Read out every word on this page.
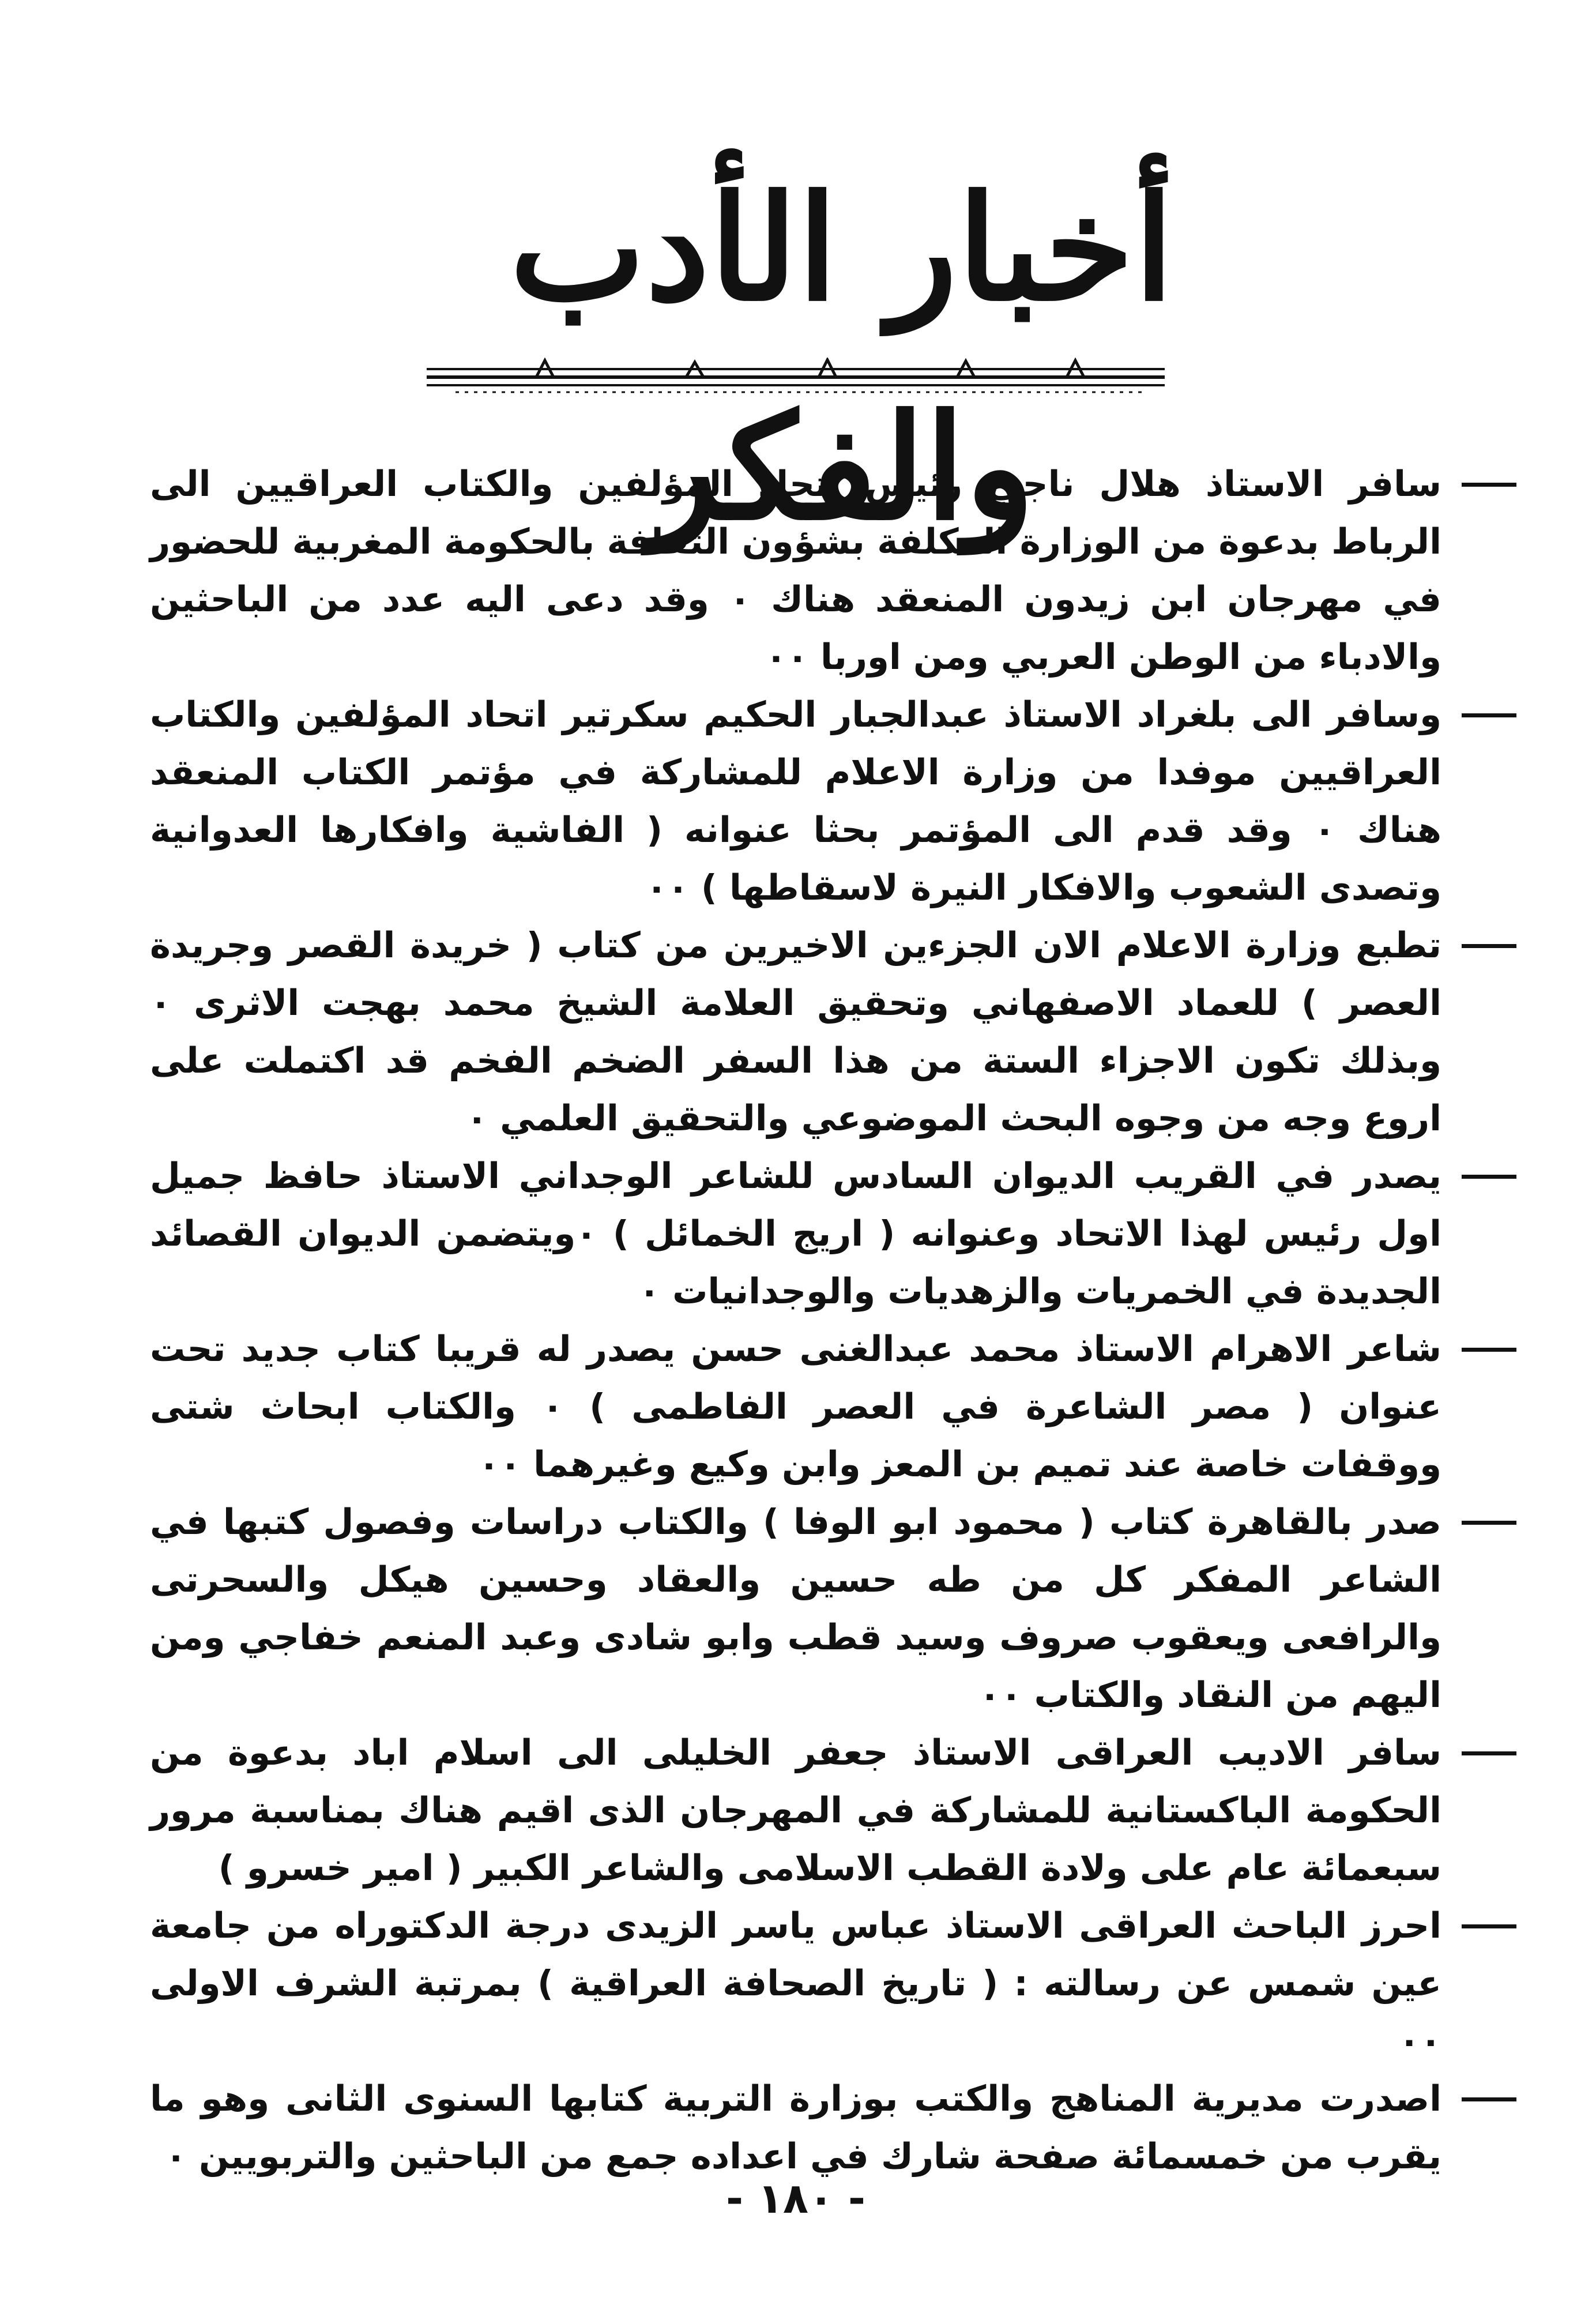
أخبار الأدب والفكر

سافر الاستاذ هلال ناجي رئيس اتحاد المؤلفين والكتاب العراقيين الى الرباط بدعوة من الوزارة المكلفة بشؤون الثقافة بالحكومة المغربية للحضور في مهرجان ابن زيدون المنعقد هناك ٠ وقد دعى اليه عدد من الباحثين والادباء من الوطن العربي ومن اوربا ٠٠

وسافر الى بلغراد الاستاذ عبدالجبار الحكيم سكرتير اتحاد المؤلفين والكتاب العراقيين موفدا من وزارة الاعلام للمشاركة في مؤتمر الكتاب المنعقد هناك ٠ وقد قدم الى المؤتمر بحثا عنوانه ( الفاشية وافكارها العدوانية وتصدى الشعوب والافكار النيرة لاسقاطها ) ٠٠

تطبع وزارة الاعلام الان الجزءين الاخيرين من كتاب ( خريدة القصر وجريدة العصر ) للعماد الاصفهاني وتحقيق العلامة الشيخ محمد بهجت الاثرى ٠ وبذلك تكون الاجزاء الستة من هذا السفر الضخم الفخم قد اكتملت على اروع وجه من وجوه البحث الموضوعي والتحقيق العلمي ٠

يصدر في القريب الديوان السادس للشاعر الوجداني الاستاذ حافظ جميل اول رئيس لهذا الاتحاد وعنوانه ( اريج الخمائل ) ٠ويتضمن الديوان القصائد الجديدة في الخمريات والزهديات والوجدانيات ٠

شاعر الاهرام الاستاذ محمد عبدالغنى حسن يصدر له قريبا كتاب جديد تحت عنوان ( مصر الشاعرة في العصر الفاطمى ) ٠ والكتاب ابحاث شتى ووقفات خاصة عند تميم بن المعز وابن وكيع وغيرهما ٠٠

صدر بالقاهرة كتاب ( محمود ابو الوفا ) والكتاب دراسات وفصول كتبها في الشاعر المفكر كل من طه حسين والعقاد وحسين هيكل والسحرتى والرافعى ويعقوب صروف وسيد قطب وابو شادى وعبد المنعم خفاجي ومن اليهم من النقاد والكتاب ٠٠

سافر الاديب العراقى الاستاذ جعفر الخليلى الى اسلام اباد بدعوة من الحكومة الباكستانية للمشاركة في المهرجان الذى اقيم هناك بمناسبة مرور سبعمائة عام على ولادة القطب الاسلامى والشاعر الكبير ( امير خسرو )

احرز الباحث العراقى الاستاذ عباس ياسر الزيدى درجة الدكتوراه من جامعة عين شمس عن رسالته : ( تاريخ الصحافة العراقية ) بمرتبة الشرف الاولى ٠٠

اصدرت مديرية المناهج والكتب بوزارة التربية كتابها السنوى الثانى وهو ما يقرب من خمسمائة صفحة شارك في اعداده جمع من الباحثين والتربويين ٠

- ١٨٠ -
